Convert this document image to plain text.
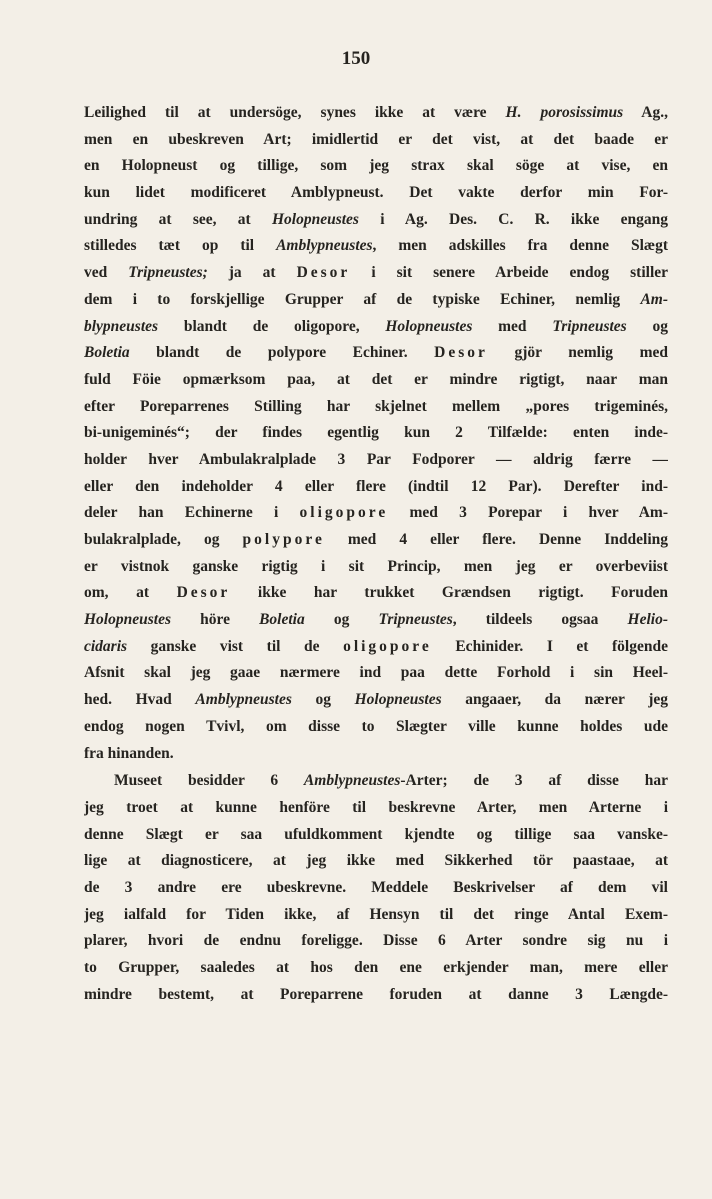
150
Leilighed til at undersöge, synes ikke at være H. porosissimus Ag.,
men en ubeskreven Art; imidlertid er det vist, at det baade er
en Holopneust og tillige, som jeg strax skal söge at vise, en
kun lidet modificeret Amblypneust. Det vakte derfor min For-
undring at see, at Holopneustes i Ag. Des. C. R. ikke engang
stilledes tæt op til Amblypneustes, men adskilles fra denne Slægt
ved Tripneustes; ja at Desor i sit senere Arbeide endog stiller
dem i to forskjellige Grupper af de typiske Echiner, nemlig Am-
blypneustes blandt de oligopore, Holopneustes med Tripneustes og
Boletia blandt de polypore Echiner. Desor gjör nemlig med
fuld Föie opmærksom paa, at det er mindre rigtigt, naar man
efter Poreparrenes Stilling har skjelnet mellem „pores trigeminés,
bi-unigeminés“; der findes egentlig kun 2 Tilfælde: enten inde-
holder hver Ambulakralplade 3 Par Fodporer — aldrig færre —
eller den indeholder 4 eller flere (indtil 12 Par). Derefter ind-
deler han Echinerne i oligopore med 3 Porepar i hver Am-
bulakralplade, og polypore med 4 eller flere. Denne Inddeling
er vistnok ganske rigtig i sit Princip, men jeg er overbeviist
om, at Desor ikke har trukket Grændsen rigtigt. Foruden
Holopneustes höre Boletia og Tripneustes, tildeels ogsaa Helio-
cidaris ganske vist til de oligopore Echinider. I et fölgende
Afsnit skal jeg gaae nærmere ind paa dette Forhold i sin Heel-
hed. Hvad Amblypneustes og Holopneustes angaaer, da nærer jeg
endog nogen Tvivl, om disse to Slægter ville kunne holdes ude
fra hinanden.
Museet besidder 6 Amblypneustes-Arter; de 3 af disse har
jeg troet at kunne henföre til beskrevne Arter, men Arterne i
denne Slægt er saa ufuldkomment kjendte og tillige saa vanske-
lige at diagnosticere, at jeg ikke med Sikkerhed tör paastaae, at
de 3 andre ere ubeskrevne. Meddele Beskrivelser af dem vil
jeg ialfald for Tiden ikke, af Hensyn til det ringe Antal Exem-
plarer, hvori de endnu foreligge. Disse 6 Arter sondre sig nu i
to Grupper, saaledes at hos den ene erkjender man, mere eller
mindre bestemt, at Poreparrene foruden at danne 3 Længde-
